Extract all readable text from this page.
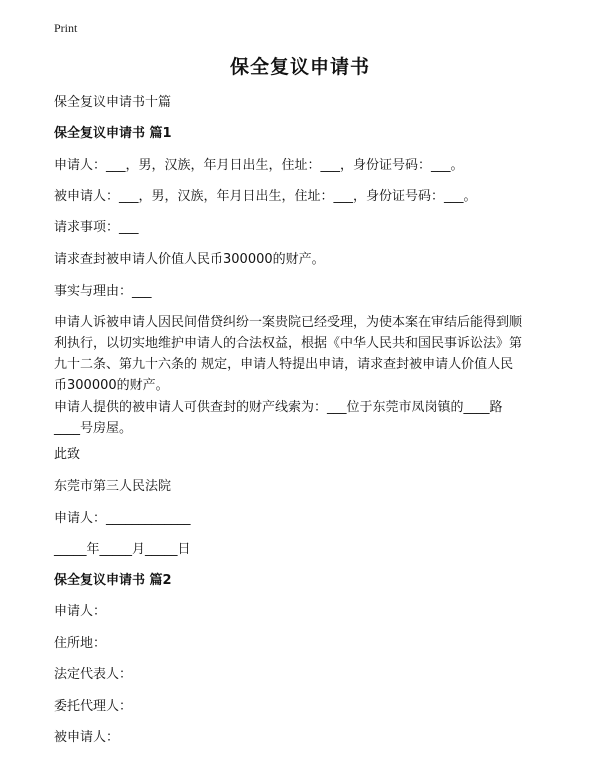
Print
保全复议申请书
保全复议申请书十篇
保全复议申请书 篇1
申请人：___，男，汉族，年月日出生，住址：___，身份证号码：___。
被申请人：___，男，汉族，年月日出生，住址：___，身份证号码：___。
请求事项：___
请求查封被申请人价值人民币300000的财产。
事实与理由：___
申请人诉被申请人因民间借贷纠纷一案贵院已经受理，为使本案在审结后能得到顺
利执行，以切实地维护申请人的合法权益，根据《中华人民共和国民事诉讼法》第
九十二条、第九十六条的 规定，申请人特提出申请，请求查封被申请人价值人民
币300000的财产。
申请人提供的被申请人可供查封的财产线索为：___位于东莞市凤岗镇的____路
____号房屋。
此致
东莞市第三人民法院
申请人：_____________
_____年_____月_____日
保全复议申请书 篇2
申请人：
住所地：
法定代表人：
委托代理人：
被申请人：
